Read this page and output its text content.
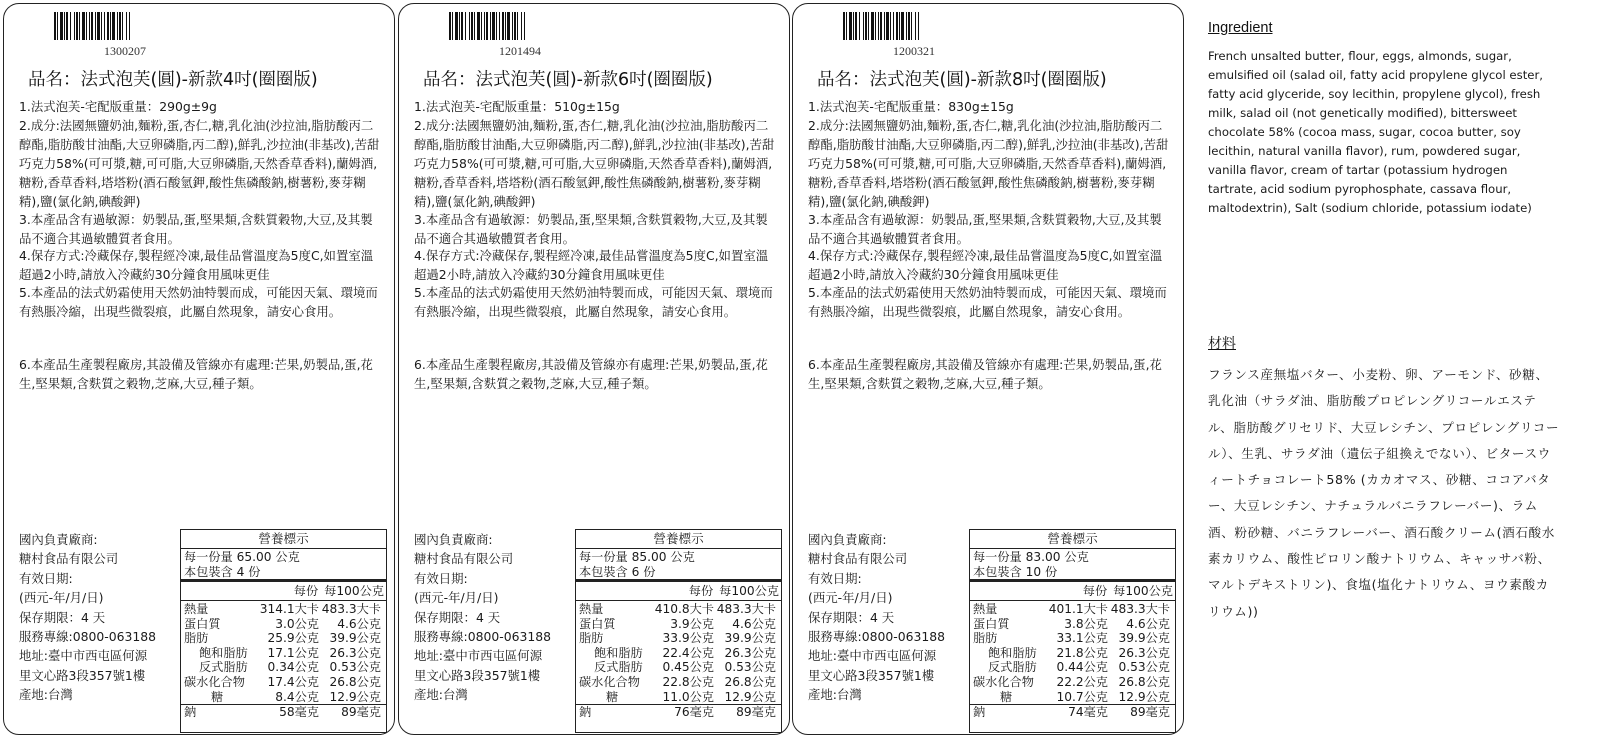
1300207
品名：法式泡芙(圓)-新款4吋(圈圈版)

1.法式泡芙-宅配版重量：290g±9g

2.成分:法國無鹽奶油,麵粉,蛋,杏仁,糖,乳化油(沙拉油,脂肪酸丙二醇酯,脂肪酸甘油酯,大豆卵磷脂,丙二醇),鮮乳,沙拉油(非基改),苦甜巧克力58%(可可漿,糖,可可脂,大豆卵磷脂,天然香草香料),蘭姆酒,糖粉,香草香料,塔塔粉(酒石酸氫鉀,酸性焦磷酸鈉,樹薯粉,麥芽糊精),鹽(氯化鈉,碘酸鉀)

3.本產品含有過敏源：奶製品,蛋,堅果類,含麩質穀物,大豆,及其製品不適合其過敏體質者食用。

4.保存方式:冷藏保存,製程經冷凍,最佳品嘗溫度為5度C,如置室溫超過2小時,請放入冷藏約30分鐘食用風味更佳

5.本產品的法式奶霜使用天然奶油特製而成，可能因天氣、環境而有熱脹冷縮，出現些微裂痕，此屬自然現象，請安心食用。

6.本產品生產製程廠房,其設備及管線亦有處理:芒果,奶製品,蛋,花生,堅果類,含麩質之穀物,芝麻,大豆,種子類。

國內負責廠商:
糖村食品有限公司
有效日期:
(西元-年/月/日)
保存期限：4 天
服務專線:0800-063188
地址:臺中市西屯區何源
里文心路3段357號1樓
產地:台灣
營養標示
每一份量 65.00 公克
本包裝含 4 份
每份 每100公克
熱量	314.1大卡 483.3大卡
蛋白質	3.0公克	4.6公克
脂肪	25.9公克 39.9公克
飽和脂肪	17.1公克 26.3公克
反式脂肪	0.34公克 0.53公克
碳水化合物	17.4公克 26.8公克
糖	8.4公克 12.9公克
鈉	58毫克	89毫克
1201494
品名：法式泡芙(圓)-新款6吋(圈圈版)

1.法式泡芙-宅配版重量：510g±15g

2.成分:法國無鹽奶油,麵粉,蛋,杏仁,糖,乳化油(沙拉油,脂肪酸丙二醇酯,脂肪酸甘油酯,大豆卵磷脂,丙二醇),鮮乳,沙拉油(非基改),苦甜巧克力58%(可可漿,糖,可可脂,大豆卵磷脂,天然香草香料),蘭姆酒,糖粉,香草香料,塔塔粉(酒石酸氫鉀,酸性焦磷酸鈉,樹薯粉,麥芽糊精),鹽(氯化鈉,碘酸鉀)

3.本產品含有過敏源：奶製品,蛋,堅果類,含麩質穀物,大豆,及其製品不適合其過敏體質者食用。

4.保存方式:冷藏保存,製程經冷凍,最佳品嘗溫度為5度C,如置室溫超過2小時,請放入冷藏約30分鐘食用風味更佳

5.本產品的法式奶霜使用天然奶油特製而成，可能因天氣、環境而有熱脹冷縮，出現些微裂痕，此屬自然現象，請安心食用。

6.本產品生產製程廠房,其設備及管線亦有處理:芒果,奶製品,蛋,花生,堅果類,含麩質之穀物,芝麻,大豆,種子類。

國內負責廠商:
糖村食品有限公司
有效日期:
(西元-年/月/日)
保存期限：4 天
服務專線:0800-063188
地址:臺中市西屯區何源
里文心路3段357號1樓
產地:台灣
營養標示
每一份量 85.00 公克
本包裝含 6 份
每份 每100公克
熱量	410.8大卡 483.3大卡
蛋白質	3.9公克	4.6公克
脂肪	33.9公克 39.9公克
飽和脂肪	22.4公克 26.3公克
反式脂肪	0.45公克 0.53公克
碳水化合物	22.8公克 26.8公克
糖	11.0公克 12.9公克
鈉	76毫克	89毫克
1200321
品名：法式泡芙(圓)-新款8吋(圈圈版)

1.法式泡芙-宅配版重量：830g±15g

2.成分:法國無鹽奶油,麵粉,蛋,杏仁,糖,乳化油(沙拉油,脂肪酸丙二醇酯,脂肪酸甘油酯,大豆卵磷脂,丙二醇),鮮乳,沙拉油(非基改),苦甜巧克力58%(可可漿,糖,可可脂,大豆卵磷脂,天然香草香料),蘭姆酒,糖粉,香草香料,塔塔粉(酒石酸氫鉀,酸性焦磷酸鈉,樹薯粉,麥芽糊精),鹽(氯化鈉,碘酸鉀)

3.本產品含有過敏源：奶製品,蛋,堅果類,含麩質穀物,大豆,及其製品不適合其過敏體質者食用。

4.保存方式:冷藏保存,製程經冷凍,最佳品嘗溫度為5度C,如置室溫超過2小時,請放入冷藏約30分鐘食用風味更佳

5.本產品的法式奶霜使用天然奶油特製而成，可能因天氣、環境而有熱脹冷縮，出現些微裂痕，此屬自然現象，請安心食用。

6.本產品生產製程廠房,其設備及管線亦有處理:芒果,奶製品,蛋,花生,堅果類,含麩質之穀物,芝麻,大豆,種子類。

國內負責廠商:
糖村食品有限公司
有效日期:
(西元-年/月/日)
保存期限：4 天
服務專線:0800-063188
地址:臺中市西屯區何源
里文心路3段357號1樓
產地:台灣
營養標示
每一份量 83.00 公克
本包裝含 10 份
每份 每100公克
熱量	401.1大卡 483.3大卡
蛋白質	3.8公克	4.6公克
脂肪	33.1公克 39.9公克
飽和脂肪	21.8公克 26.3公克
反式脂肪	0.44公克 0.53公克
碳水化合物	22.2公克 26.8公克
糖	10.7公克 12.9公克
鈉	74毫克	89毫克
Ingredient

French unsalted butter, flour, eggs, almonds, sugar, emulsified oil (salad oil, fatty acid propylene glycol ester, fatty acid glyceride, soy lecithin, propylene glycol), fresh milk, salad oil (not genetically modified), bittersweet chocolate 58% (cocoa mass, sugar, cocoa butter, soy lecithin, natural vanilla flavor), rum, powdered sugar, vanilla flavor, cream of tartar (potassium hydrogen tartrate, acid sodium pyrophosphate, cassava flour, maltodextrin), Salt (sodium chloride, potassium iodate)

材料

フランス産無塩バター、小麦粉、卵、アーモンド、砂糖、乳化油（サラダ油、脂肪酸プロピレングリコールエステル、脂肪酸グリセリド、大豆レシチン、プロピレングリコール）、生乳、サラダ油（遺伝子組換えでない）、ビタースウィートチョコレート58% (カカオマス、砂糖、ココアバター、大豆レシチン、ナチュラルバニラフレーバー)、ラム酒、粉砂糖、バニラフレーバー、酒石酸クリーム(酒石酸水素カリウム、酸性ピロリン酸ナトリウム、キャッサバ粉、マルトデキストリン)、食塩(塩化ナトリウム、ヨウ素酸カリウム))
